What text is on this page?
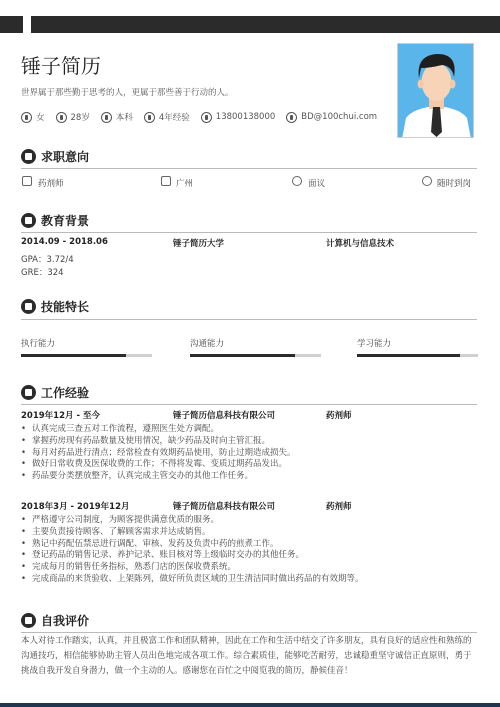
锤子简历
世界属于那些勤于思考的人，更属于那些善于行动的人。
女	28岁	本科	4年经验	13800138000	BD@100chui.com
求职意向
药剂师	广州	面议	随时到岗
教育背景
2014.09 - 2018.06	锤子简历大学	计算机与信息技术
GPA：3.72/4
GRE：324
技能特长
执行能力	沟通能力	学习能力
工作经验
2019年12月 - 至今	锤子简历信息科技有限公司	药剂师
• 认真完成三查五对工作流程，遵照医生处方调配。
• 掌握药房现有药品数量及使用情况，缺少药品及时向主管汇报。
• 每月对药品进行清点；经常检查有效期药品使用，防止过期造成损失。
• 做好日常收费及医保收费的工作；不得将发霉、变质过期药品发出。
• 药品要分类摆放整齐，认真完成主管交办的其他工作任务。
2018年3月 - 2019年12月	锤子简历信息科技有限公司	药剂师
• 严格遵守公司制度，为顾客提供满意优质的服务。
• 主要负责接待顾客、了解顾客需求并达成销售。
• 熟记中药配伍禁忌进行调配、审核、发药及负责中药的煎煮工作。
• 登记药品的销售记录、养护记录、账目核对等上级临时交办的其他任务。
• 完成每月的销售任务指标，熟悉门店的医保收费系统。
• 完成商品的来货验收、上架陈列，做好所负责区域的卫生清洁同时做出药品的有效期等。
自我评价
本人对待工作踏实，认真，并且极富工作和团队精神，因此在工作和生活中结交了许多朋友，具有良好的适应性和熟练的沟通技巧，相信能够协助主管人员出色地完成各项工作。综合素质佳，能够吃苦耐劳，忠诚稳重坚守诚信正直原则，勇于挑战自我开发自身潜力，做一个主动的人。感谢您在百忙之中阅览我的简历，静候佳音！
